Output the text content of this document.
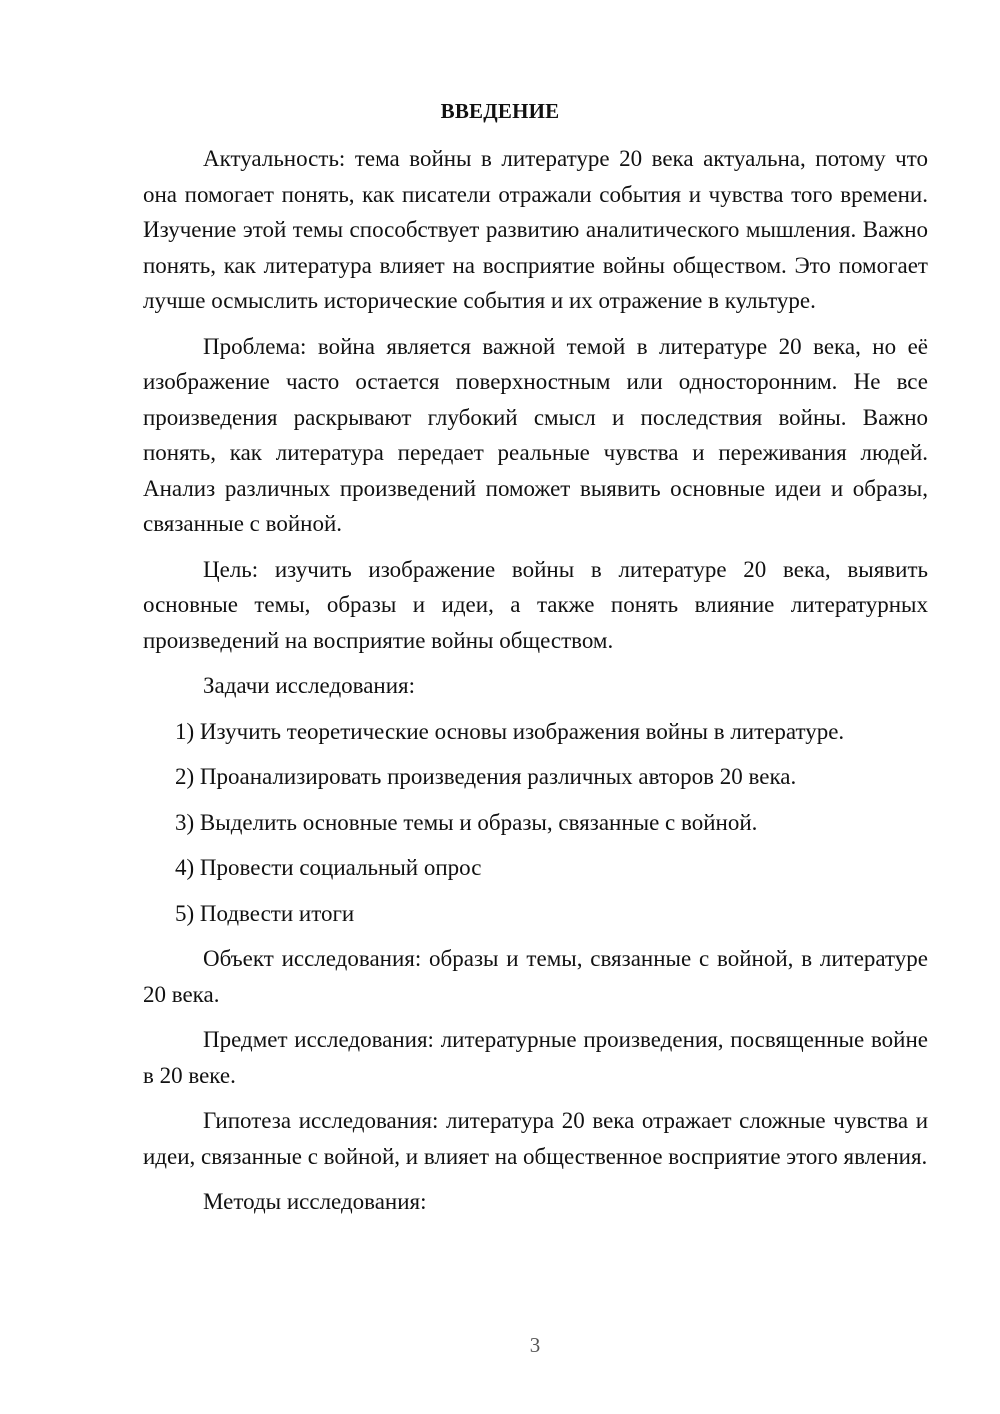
ВВЕДЕНИЕ

Актуальность: тема войны в литературе 20 века актуальна, потому что она помогает понять, как писатели отражали события и чувства того времени. Изучение этой темы способствует развитию аналитического мышления. Важно понять, как литература влияет на восприятие войны обществом. Это помогает лучше осмыслить исторические события и их отражение в культуре.

Проблема: война является важной темой в литературе 20 века, но её изображение часто остается поверхностным или односторонним. Не все произведения раскрывают глубокий смысл и последствия войны. Важно понять, как литература передает реальные чувства и переживания людей. Анализ различных произведений поможет выявить основные идеи и образы, связанные с войной.

Цель: изучить изображение войны в литературе 20 века, выявить основные темы, образы и идеи, а также понять влияние литературных произведений на восприятие войны обществом.

Задачи исследования:

1) Изучить теоретические основы изображения войны в литературе.

2) Проанализировать произведения различных авторов 20 века.

3) Выделить основные темы и образы, связанные с войной.

4) Провести социальный опрос

5) Подвести итоги

Объект исследования: образы и темы, связанные с войной, в литературе 20 века.

Предмет исследования: литературные произведения, посвященные войне в 20 веке.

Гипотеза исследования: литература 20 века отражает сложные чувства и идеи, связанные с войной, и влияет на общественное восприятие этого явления.

Методы исследования:

3
